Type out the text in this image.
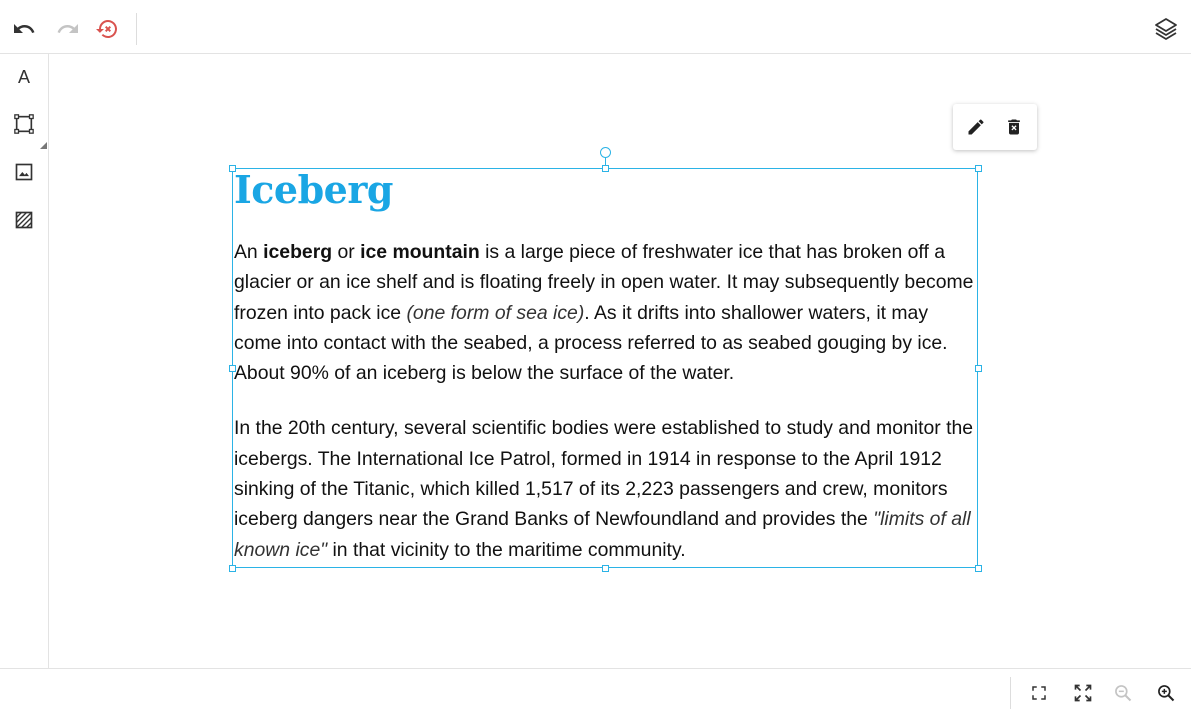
A
Iceberg

An iceberg or ice mountain is a large piece of freshwater ice that has broken off a glacier or an ice shelf and is floating freely in open water. It may subsequently become frozen into pack ice (one form of sea ice). As it drifts into shallower waters, it may come into contact with the seabed, a process referred to as seabed gouging by ice. About 90% of an iceberg is below the surface of the water.

In the 20th century, several scientific bodies were established to study and monitor the icebergs. The International Ice Patrol, formed in 1914 in response to the April 1912 sinking of the Titanic, which killed 1,517 of its 2,223 passengers and crew, monitors iceberg dangers near the Grand Banks of Newfoundland and provides the "limits of all known ice" in that vicinity to the maritime community.
